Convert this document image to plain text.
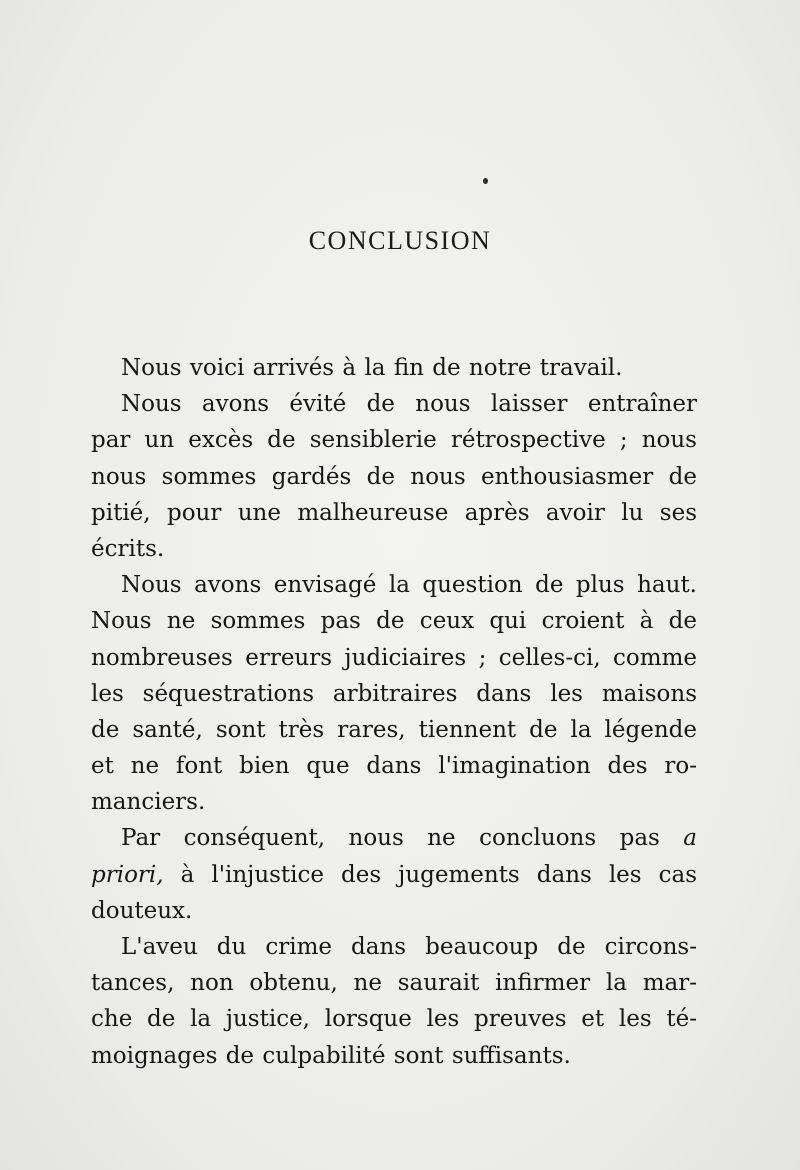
CONCLUSION
Nous voici arrivés à la fin de notre travail.
Nous avons évité de nous laisser entraîner
par un excès de sensiblerie rétrospective ; nous
nous sommes gardés de nous enthousiasmer de
pitié, pour une malheureuse après avoir lu ses
écrits.
Nous avons envisagé la question de plus haut.
Nous ne sommes pas de ceux qui croient à de
nombreuses erreurs judiciaires ; celles-ci, comme
les séquestrations arbitraires dans les maisons
de santé, sont très rares, tiennent de la légende
et ne font bien que dans l'imagination des ro-
manciers.
Par conséquent, nous ne concluons pas a
priori, à l'injustice des jugements dans les cas
douteux.
L'aveu du crime dans beaucoup de circons-
tances, non obtenu, ne saurait infirmer la mar-
che de la justice, lorsque les preuves et les té-
moignages de culpabilité sont suffisants.
